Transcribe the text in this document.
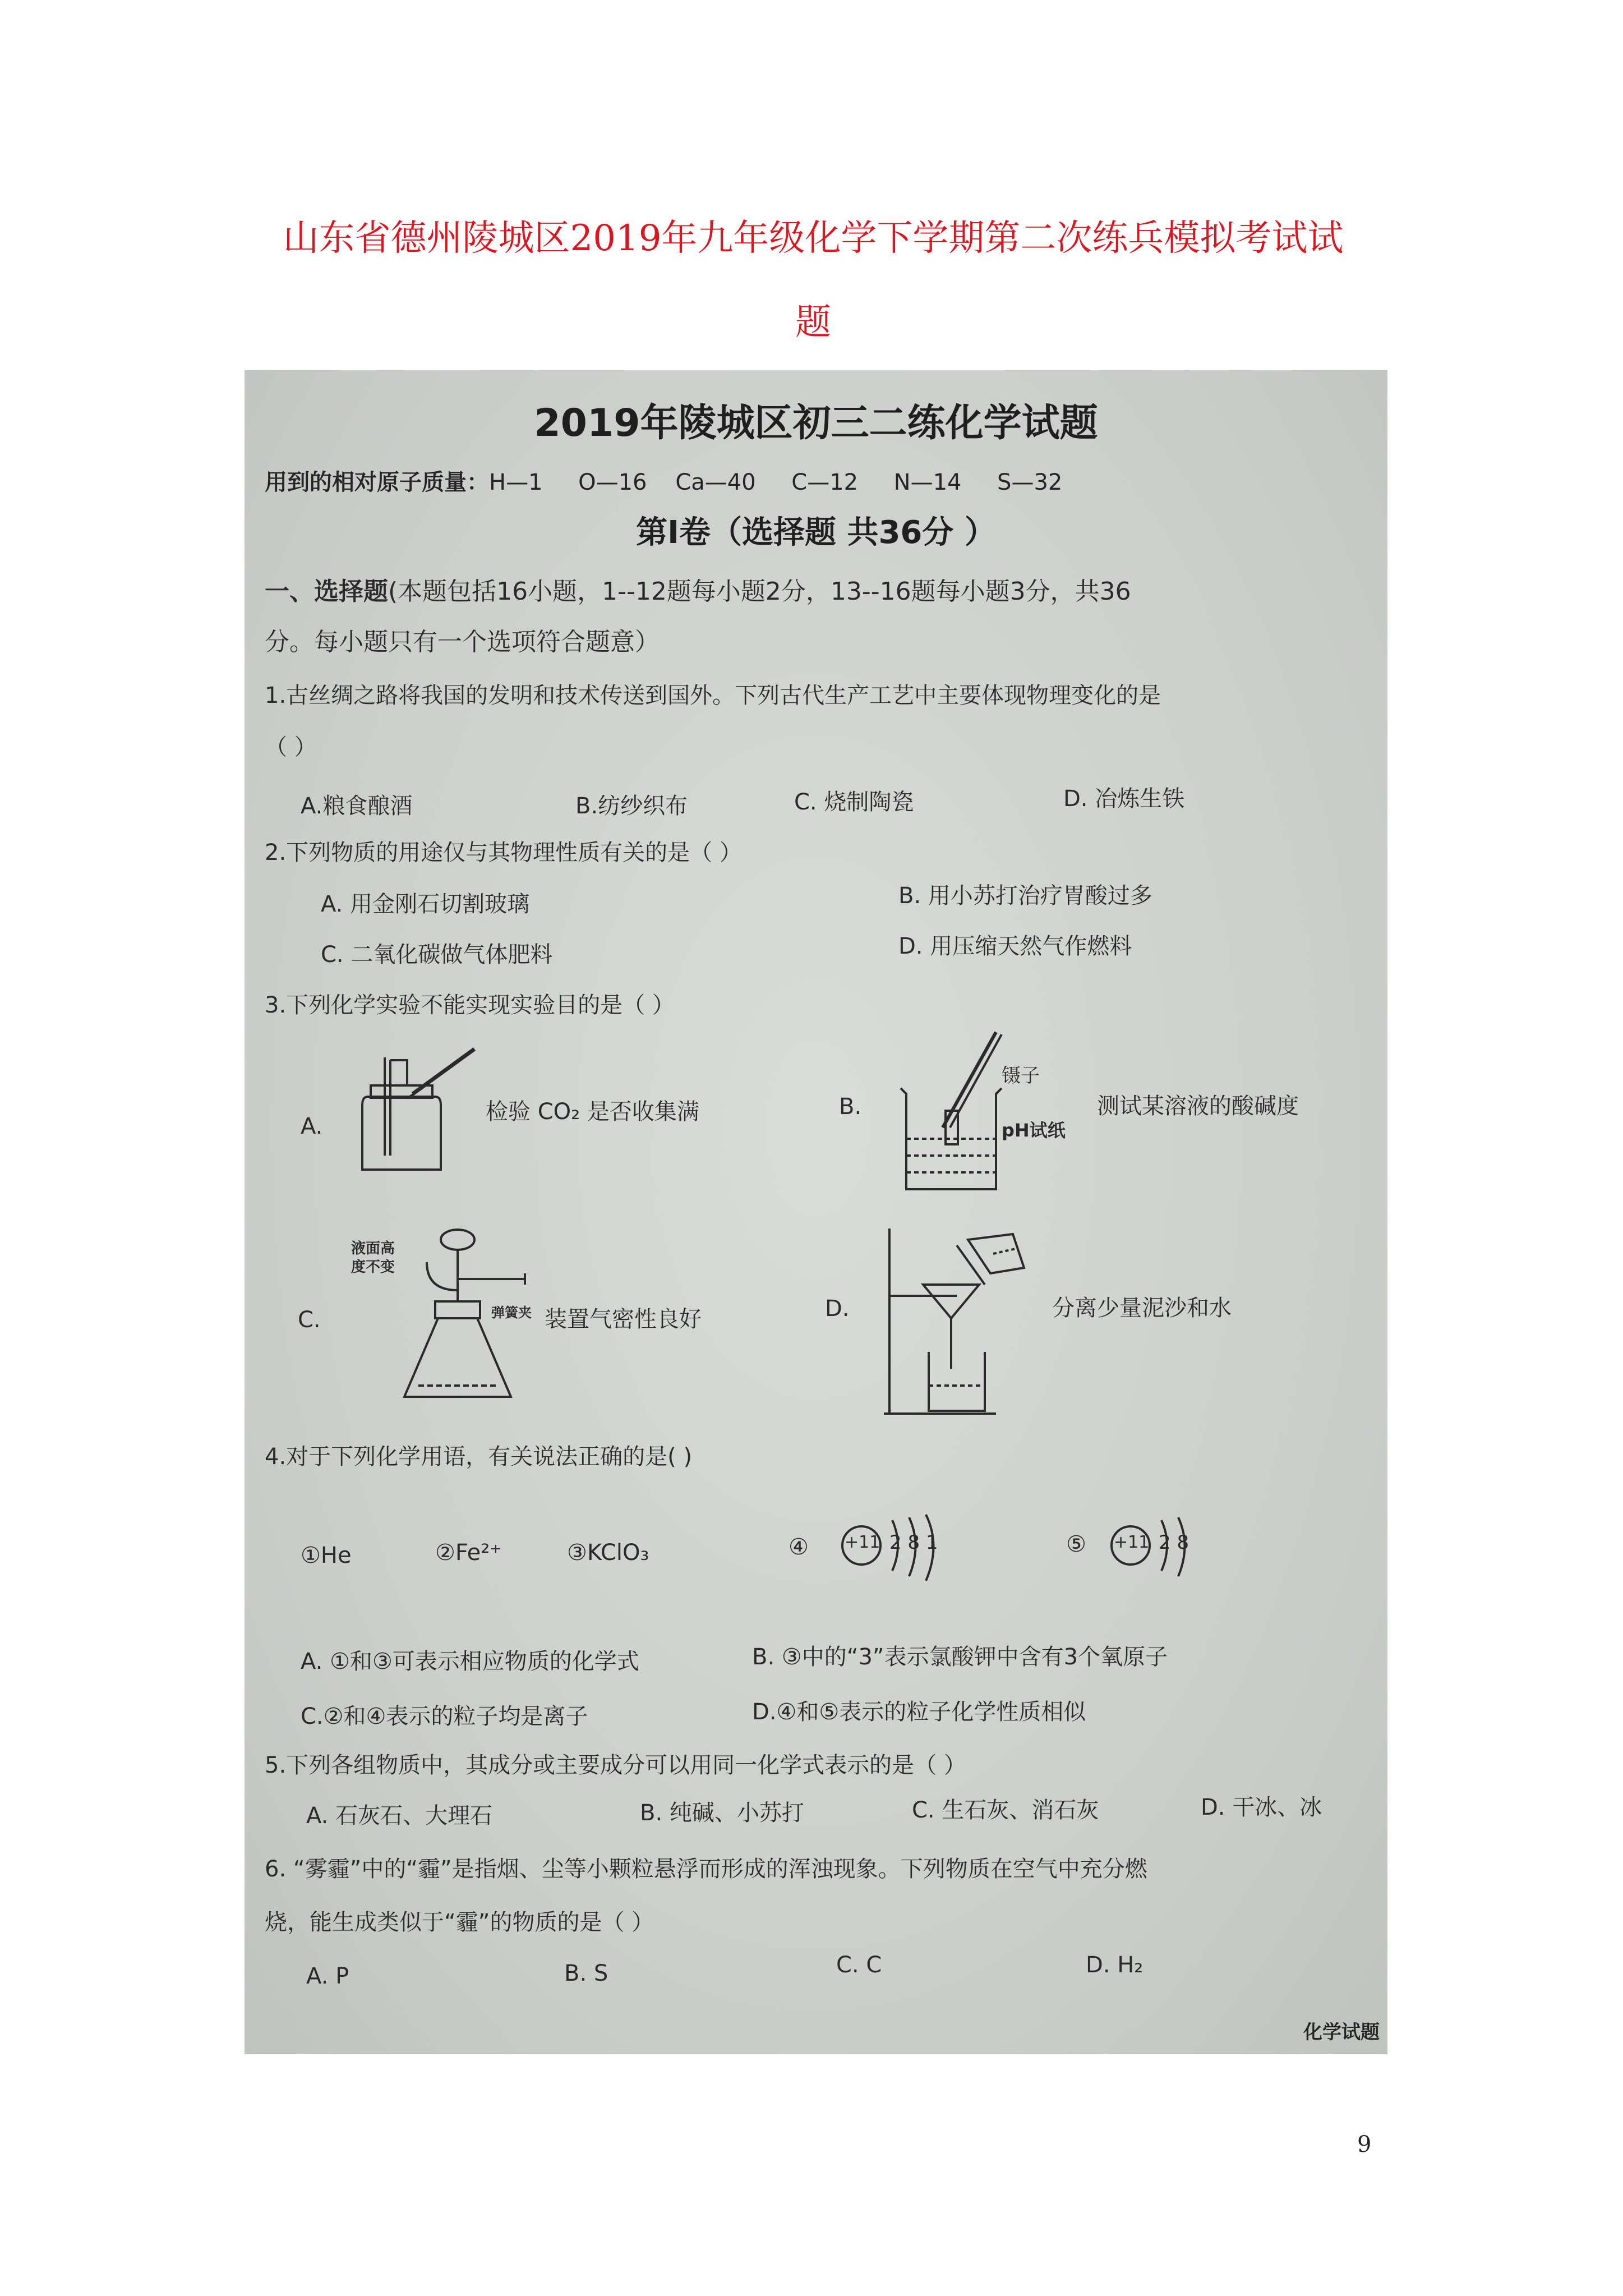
山东省德州陵城区2019年九年级化学下学期第二次练兵模拟考试试
题
2019年陵城区初三二练化学试题
用到的相对原子质量：H—1     O—16    Ca—40     C—12     N—14     S—32
第Ⅰ卷（选择题 共36分 ）
一、选择题(本题包括16小题，1--12题每小题2分，13--16题每小题3分，共36
分。每小题只有一个选项符合题意）
1.古丝绸之路将我国的发明和技术传送到国外。下列古代生产工艺中主要体现物理变化的是
（ ）
A.粮食酿酒	B.纺纱织布	C. 烧制陶瓷	D. 冶炼生铁
2.下列物质的用途仅与其物理性质有关的是（ ）
A. 用金刚石切割玻璃	B. 用小苏打治疗胃酸过多
C. 二氧化碳做气体肥料	D. 用压缩天然气作燃料
3.下列化学实验不能实现实验目的是（ ）
A.
检验 CO₂ 是否收集满	B.
镊子
pH试纸
测试某溶液的酸碱度
C.
液面高
度不变
弹簧夹 装置气密性良好	D.	分离少量泥沙和水
4.对于下列化学用语，有关说法正确的是( )
①He	②Fe²⁺	③KClO₃	④ +11 2 8 1	⑤ +11 2 8
A. ①和③可表示相应物质的化学式	B. ③中的“3”表示氯酸钾中含有3个氧原子
C.②和④表示的粒子均是离子	D.④和⑤表示的粒子化学性质相似
5.下列各组物质中，其成分或主要成分可以用同一化学式表示的是（ ）
A. 石灰石、大理石	B. 纯碱、小苏打	C. 生石灰、消石灰	D. 干冰、冰
6. “雾霾”中的“霾”是指烟、尘等小颗粒悬浮而形成的浑浊现象。下列物质在空气中充分燃
烧，能生成类似于“霾”的物质的是（ ）
A. P	B. S	C. C	D. H₂
化学试题
9
